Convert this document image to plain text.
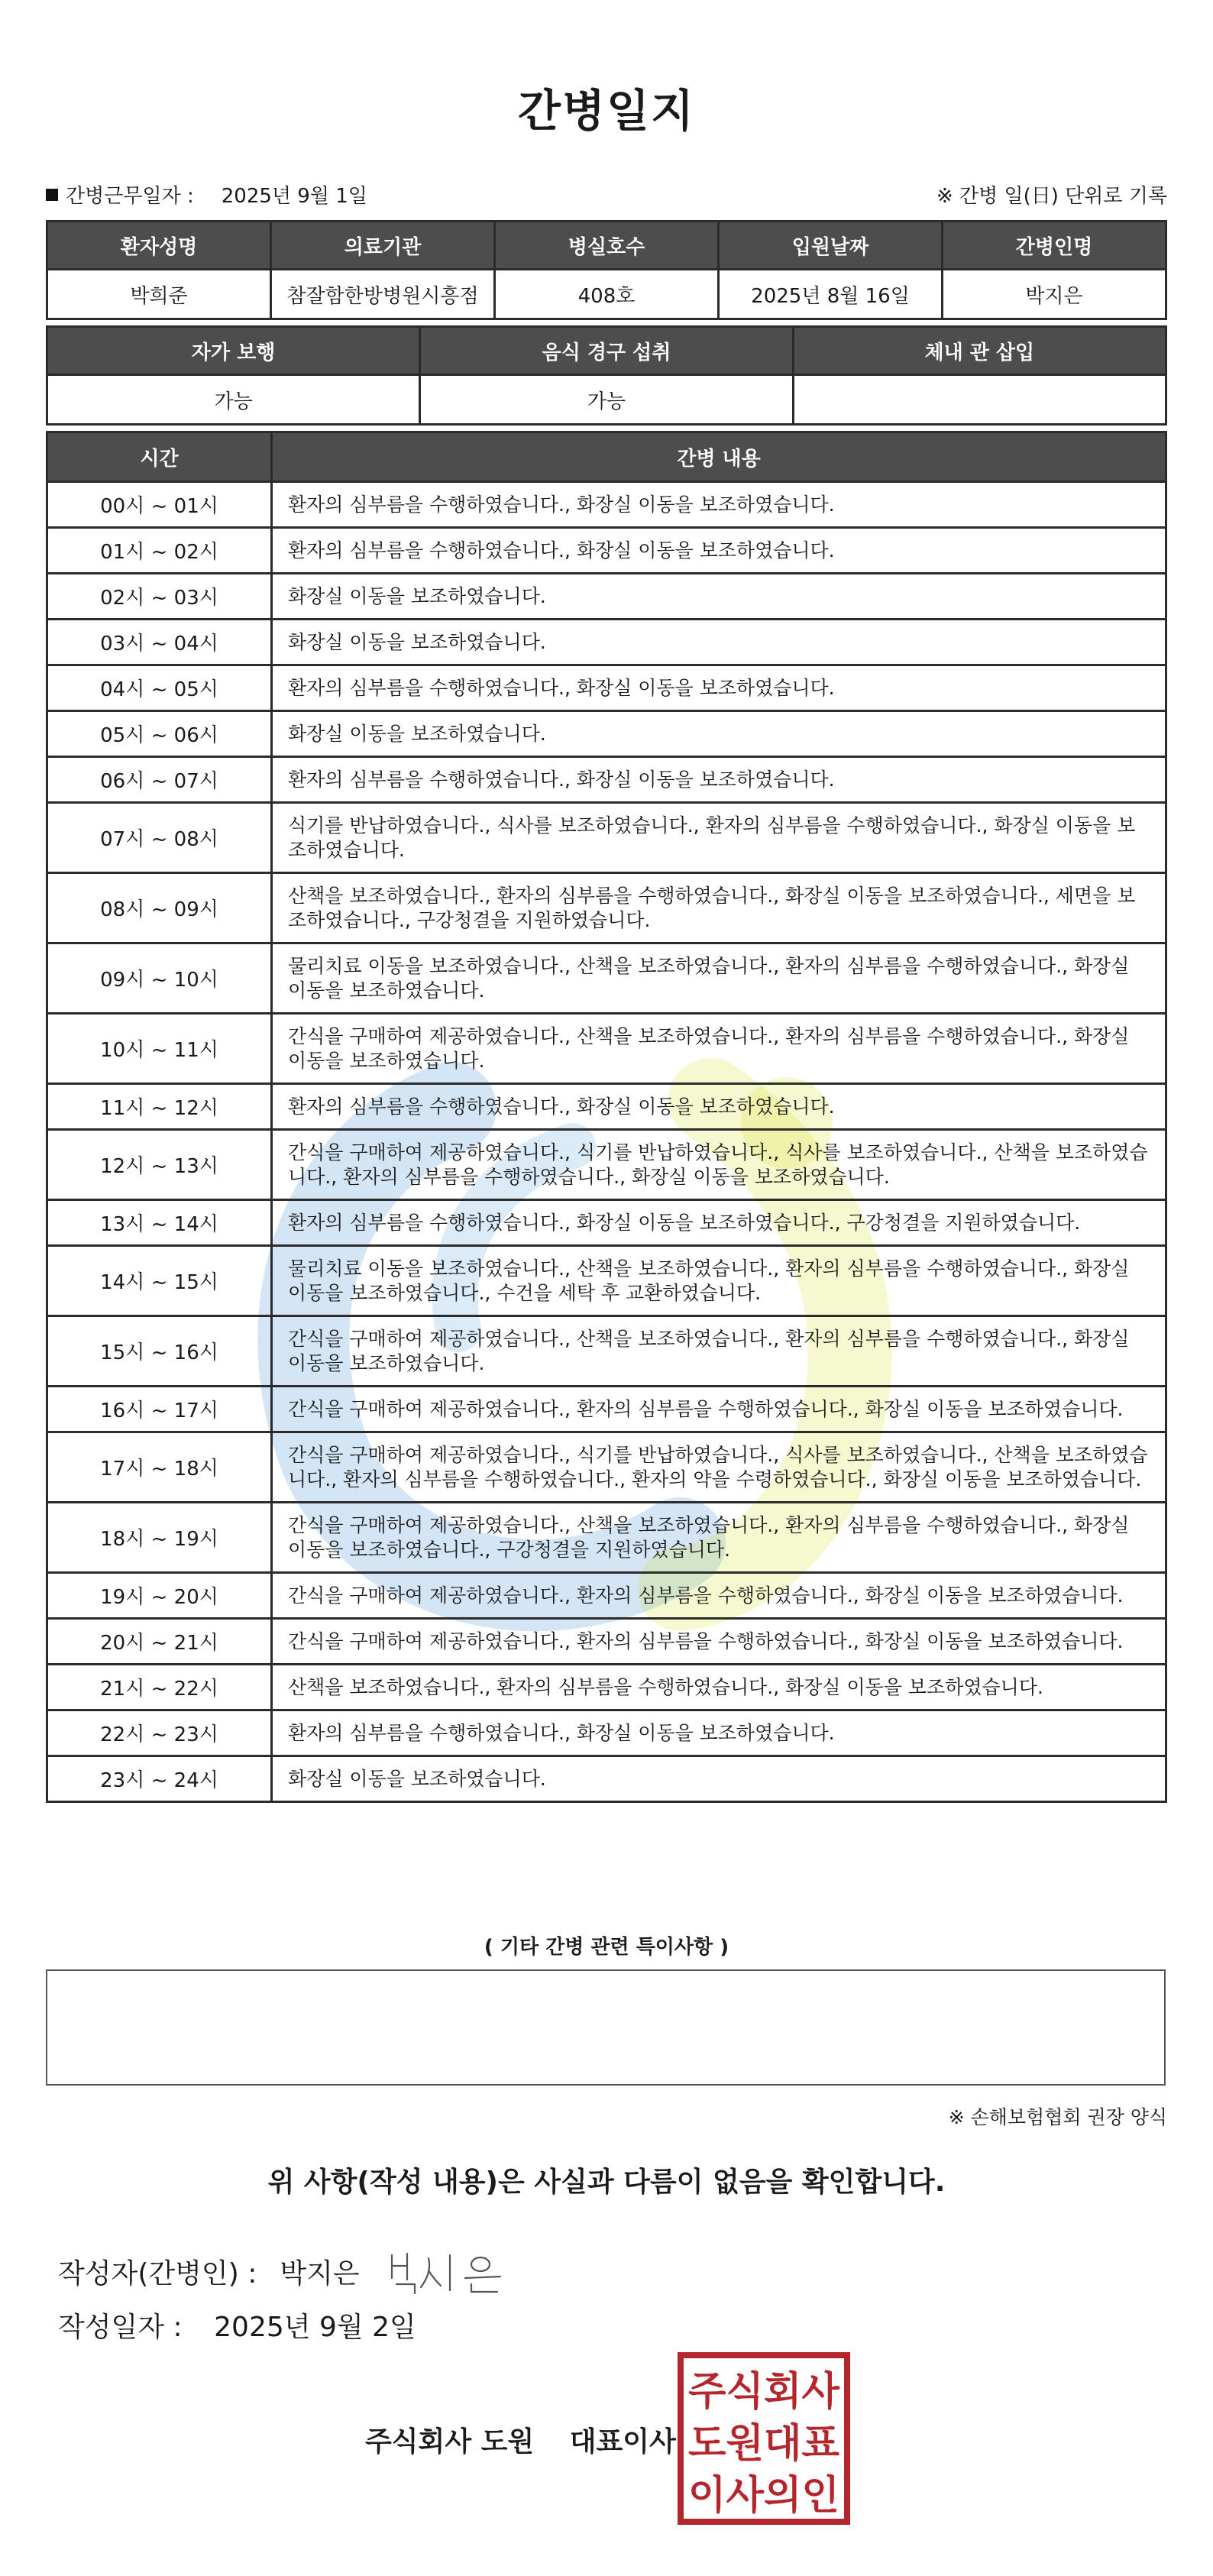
간병일지
간병근무일자 : 2025년 9월 1일	※ 간병 일(日) 단위로 기록
환자성명	의료기관	병실호수	입원날짜	간병인명
박희준	참잘함한방병원시흥점	408호	2025년 8월 16일	박지은
자가 보행	음식 경구 섭취	체내 관 삽입
가능	가능	
시간	간병 내용
00시 ~ 01시	환자의 심부름을 수행하였습니다., 화장실 이동을 보조하였습니다.
01시 ~ 02시	환자의 심부름을 수행하였습니다., 화장실 이동을 보조하였습니다.
02시 ~ 03시	화장실 이동을 보조하였습니다.
03시 ~ 04시	화장실 이동을 보조하였습니다.
04시 ~ 05시	환자의 심부름을 수행하였습니다., 화장실 이동을 보조하였습니다.
05시 ~ 06시	화장실 이동을 보조하였습니다.
06시 ~ 07시	환자의 심부름을 수행하였습니다., 화장실 이동을 보조하였습니다.
07시 ~ 08시	식기를 반납하였습니다., 식사를 보조하였습니다., 환자의 심부름을 수행하였습니다., 화장실 이동을 보조하였습니다.
08시 ~ 09시	산책을 보조하였습니다., 환자의 심부름을 수행하였습니다., 화장실 이동을 보조하였습니다., 세면을 보조하였습니다., 구강청결을 지원하였습니다.
09시 ~ 10시	물리치료 이동을 보조하였습니다., 산책을 보조하였습니다., 환자의 심부름을 수행하였습니다., 화장실 이동을 보조하였습니다.
10시 ~ 11시	간식을 구매하여 제공하였습니다., 산책을 보조하였습니다., 환자의 심부름을 수행하였습니다., 화장실 이동을 보조하였습니다.
11시 ~ 12시	환자의 심부름을 수행하였습니다., 화장실 이동을 보조하였습니다.
12시 ~ 13시	간식을 구매하여 제공하였습니다., 식기를 반납하였습니다., 식사를 보조하였습니다., 산책을 보조하였습니다., 환자의 심부름을 수행하였습니다., 화장실 이동을 보조하였습니다.
13시 ~ 14시	환자의 심부름을 수행하였습니다., 화장실 이동을 보조하였습니다., 구강청결을 지원하였습니다.
14시 ~ 15시	물리치료 이동을 보조하였습니다., 산책을 보조하였습니다., 환자의 심부름을 수행하였습니다., 화장실 이동을 보조하였습니다., 수건을 세탁 후 교환하였습니다.
15시 ~ 16시	간식을 구매하여 제공하였습니다., 산책을 보조하였습니다., 환자의 심부름을 수행하였습니다., 화장실 이동을 보조하였습니다.
16시 ~ 17시	간식을 구매하여 제공하였습니다., 환자의 심부름을 수행하였습니다., 화장실 이동을 보조하였습니다.
17시 ~ 18시	간식을 구매하여 제공하였습니다., 식기를 반납하였습니다., 식사를 보조하였습니다., 산책을 보조하였습니다., 환자의 심부름을 수행하였습니다., 환자의 약을 수령하였습니다., 화장실 이동을 보조하였습니다.
18시 ~ 19시	간식을 구매하여 제공하였습니다., 산책을 보조하였습니다., 환자의 심부름을 수행하였습니다., 화장실 이동을 보조하였습니다., 구강청결을 지원하였습니다.
19시 ~ 20시	간식을 구매하여 제공하였습니다., 환자의 심부름을 수행하였습니다., 화장실 이동을 보조하였습니다.
20시 ~ 21시	간식을 구매하여 제공하였습니다., 환자의 심부름을 수행하였습니다., 화장실 이동을 보조하였습니다.
21시 ~ 22시	산책을 보조하였습니다., 환자의 심부름을 수행하였습니다., 화장실 이동을 보조하였습니다.
22시 ~ 23시	환자의 심부름을 수행하였습니다., 화장실 이동을 보조하였습니다.
23시 ~ 24시	화장실 이동을 보조하였습니다.
( 기타 간병 관련 특이사항 )
※ 손해보험협회 권장 양식
위 사항(작성 내용)은 사실과 다름이 없음을 확인합니다.
작성자(간병인) : 박지은
작성일자 : 2025년 9월 2일
주식회사 도원 대표이사
주식회사
도원대표
이사의인
